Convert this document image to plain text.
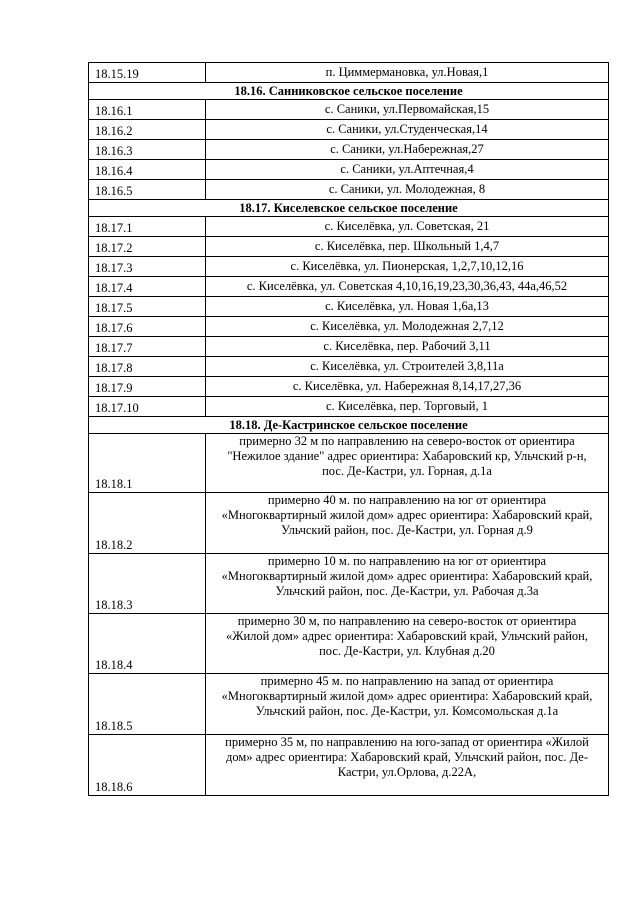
18.15.19	п. Циммермановка, ул.Новая,1
18.16. Санниковское сельское поселение	
18.16.1	с. Саники, ул.Первомайская,15
18.16.2	с. Саники, ул.Студенческая,14
18.16.3	с. Саники, ул.Набережная,27
18.16.4	с. Саники, ул.Аптечная,4
18.16.5	с. Саники, ул. Молодежная, 8
18.17. Киселевское сельское поселение	
18.17.1	с. Киселёвка, ул. Советская, 21
18.17.2	с. Киселёвка, пер. Школьный 1,4,7
18.17.3	с. Киселёвка, ул. Пионерская, 1,2,7,10,12,16
18.17.4	с. Киселёвка, ул. Советская 4,10,16,19,23,30,36,43, 44а,46,52
18.17.5	с. Киселёвка, ул. Новая 1,6а,13
18.17.6	с. Киселёвка, ул. Молодежная 2,7,12
18.17.7	с. Киселёвка, пер. Рабочий 3,11
18.17.8	с. Киселёвка, ул. Строителей 3,8,11а
18.17.9	с. Киселёвка, ул. Набережная 8,14,17,27,36
18.17.10	с. Киселёвка, пер. Торговый, 1
18.18. Де-Кастринское сельское поселение	
18.18.1	примерно 32 м по направлению на северо-восток от ориентира
"Нежилое здание" адрес ориентира: Хабаровский кр, Ульчский р-н,
пос. Де-Кастри, ул. Горная, д.1а

18.18.2	примерно 40 м. по направлению на юг от ориентира
«Многоквартирный жилой дом» адрес ориентира: Хабаровский край,
Ульчский район, пос. Де-Кастри, ул. Горная д.9

18.18.3	примерно 10 м. по направлению на юг от ориентира
«Многоквартирный жилой дом» адрес ориентира: Хабаровский край,
Ульчский район, пос. Де-Кастри, ул. Рабочая д.3а

18.18.4	примерно 30 м, по направлению на северо-восток от ориентира
«Жилой дом» адрес ориентира: Хабаровский край, Ульчский район,
пос. Де-Кастри, ул. Клубная д.20

18.18.5	примерно 45 м. по направлению на запад от ориентира
«Многоквартирный жилой дом» адрес ориентира: Хабаровский край,
Ульчский район, пос. Де-Кастри, ул. Комсомольская д.1а

18.18.6	примерно 35 м, по направлению на юго-запад от ориентира «Жилой
дом» адрес ориентира: Хабаровский край, Ульчский район, пос. Де-
Кастри, ул.Орлова, д.22А,
